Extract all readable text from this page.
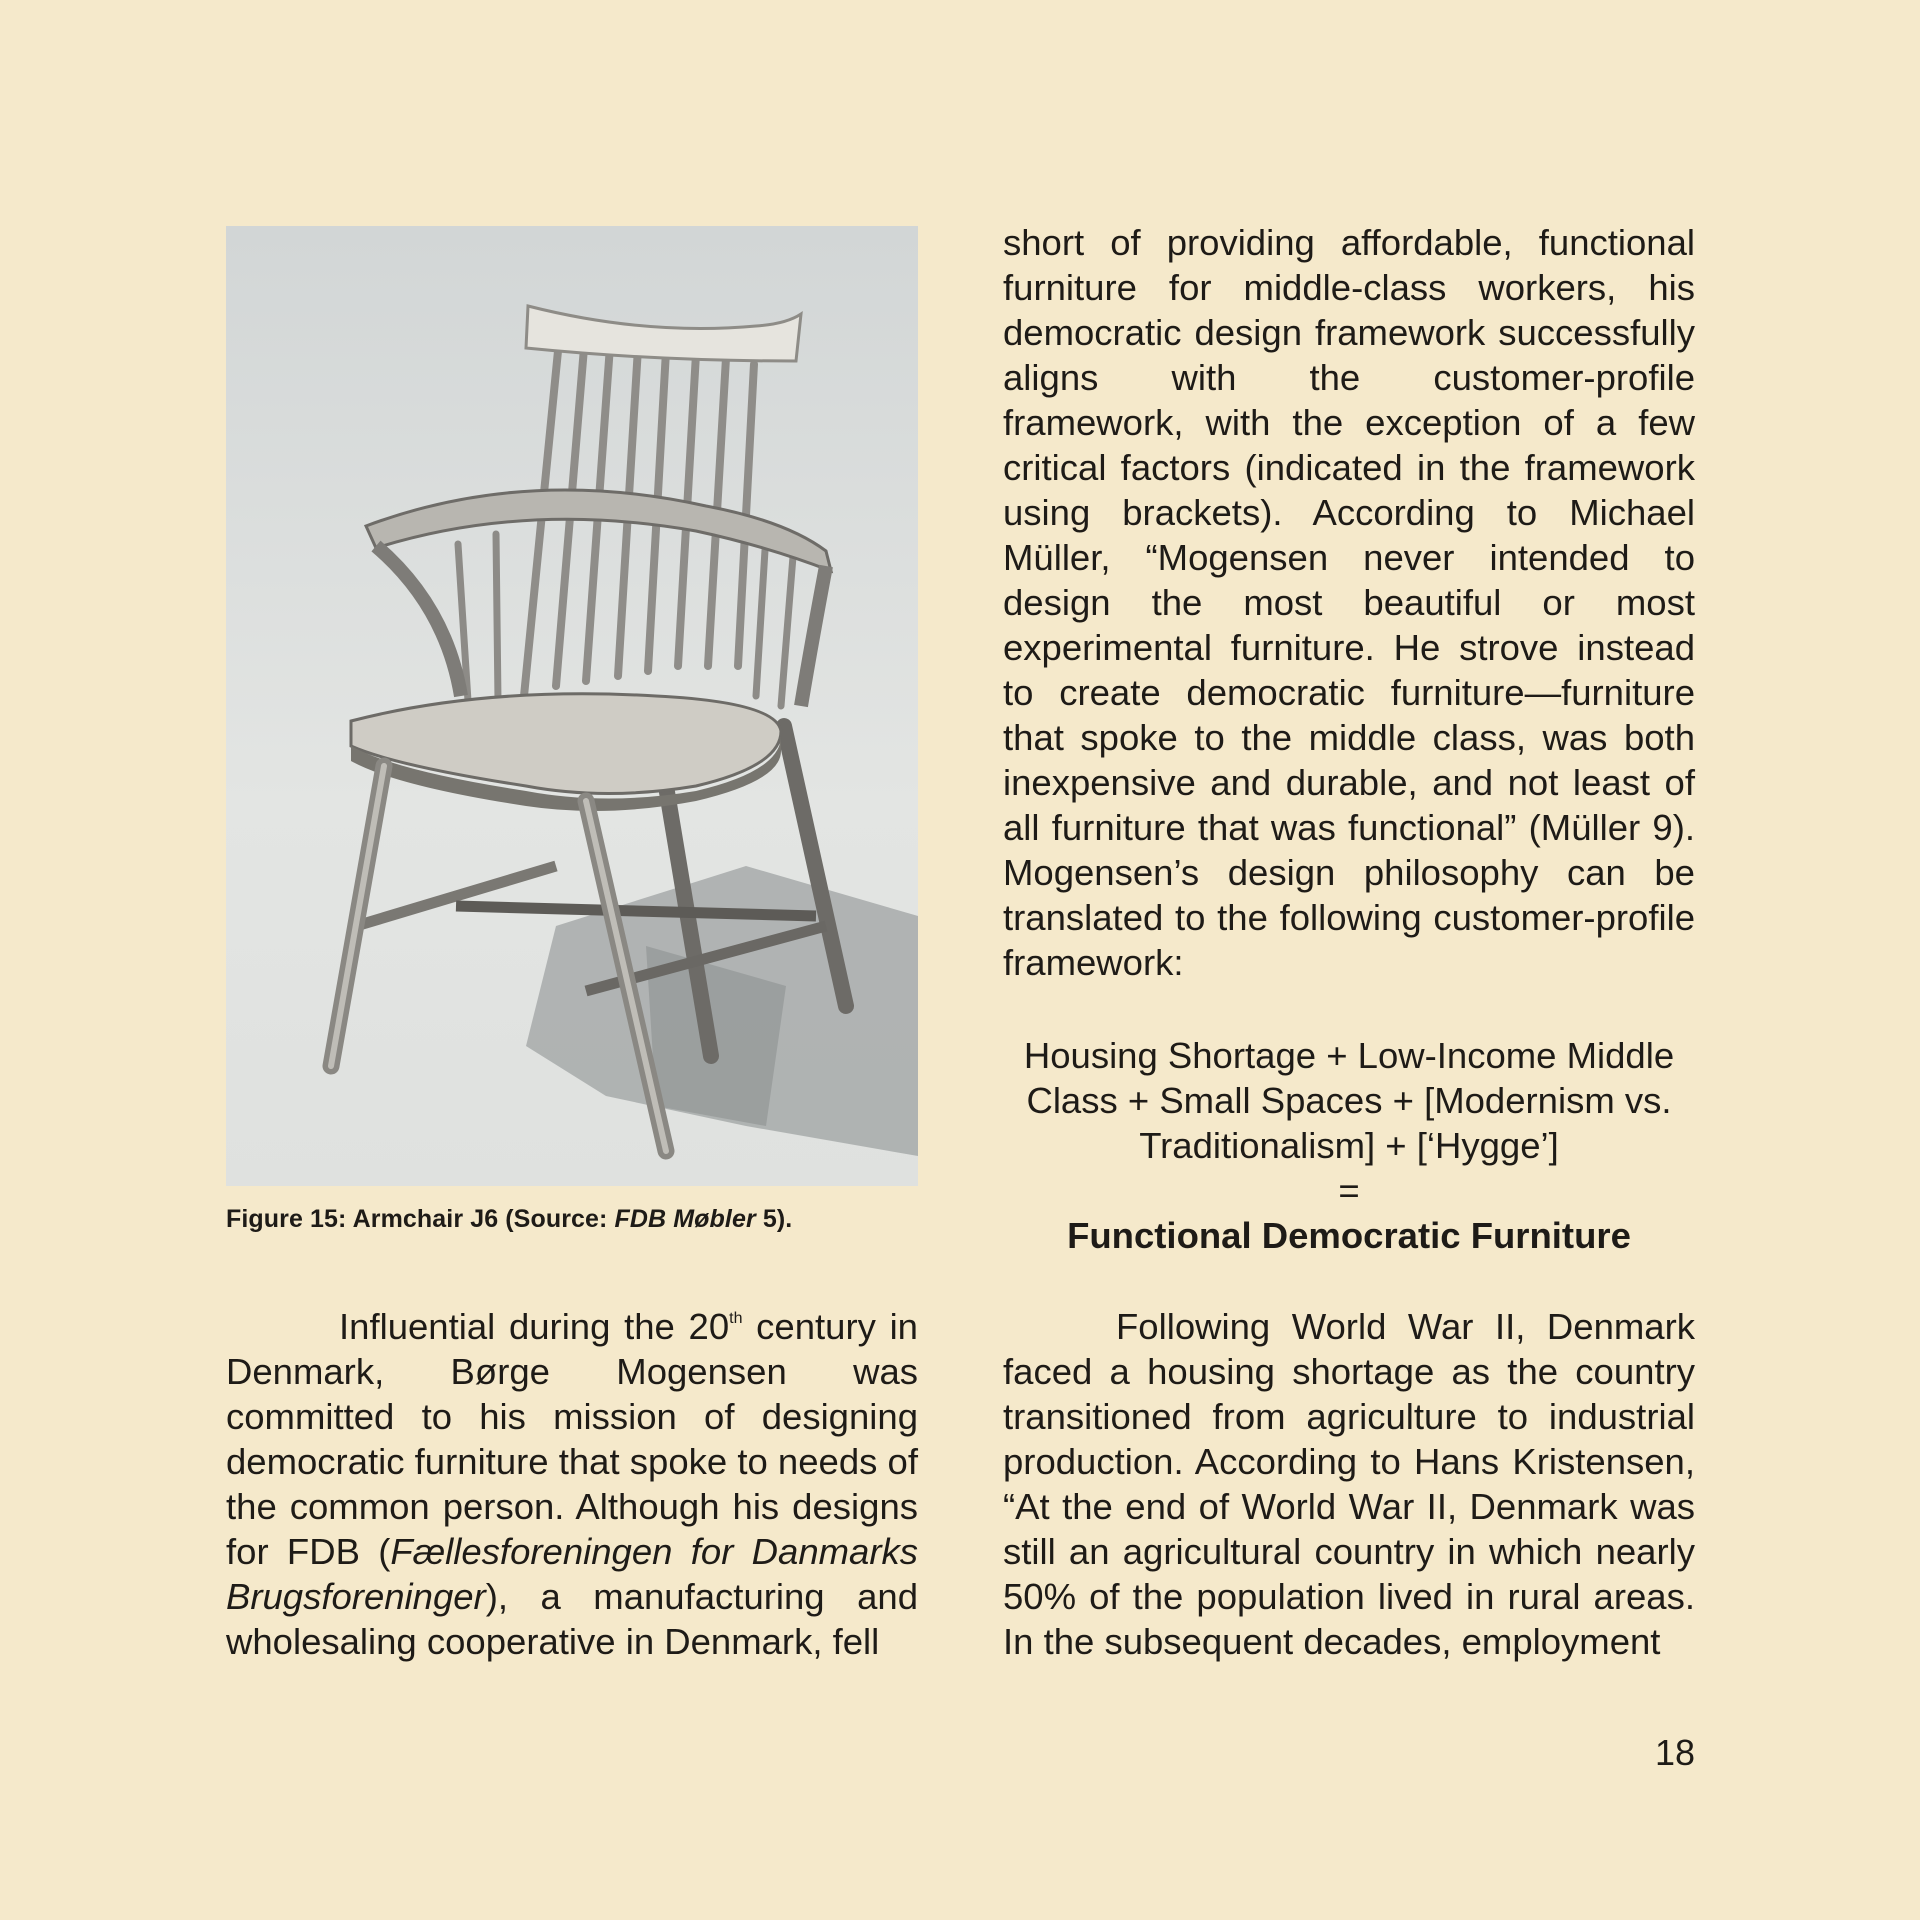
Figure 15: Armchair J6 (Source: FDB Møbler 5).

Influential during the 20th century in Denmark, Børge Mogensen was committed to his mission of designing democratic furniture that spoke to needs of the common person. Although his designs for FDB (Fællesforeningen for Danmarks Brugsforeninger), a manufacturing and wholesaling cooperative in Denmark, fell

short of providing affordable, functional furniture for middle-class workers, his democratic design framework successfully aligns with the customer-profile framework, with the exception of a few critical factors (indicated in the framework using brackets). According to Michael Müller, “Mogensen never intended to design the most beautiful or most experimental furniture. He strove instead to create democratic furniture—furniture that spoke to the middle class, was both inexpensive and durable, and not least of all furniture that was functional” (Müller 9). Mogensen’s design philosophy can be translated to the following customer-profile framework:

Housing Shortage + Low-Income Middle
Class + Small Spaces + [Modernism vs.
Traditionalism] + [‘Hygge’]
=
Functional Democratic Furniture

Following World War II, Denmark faced a housing shortage as the country transitioned from agriculture to industrial production. According to Hans Kristensen, “At the end of World War II, Denmark was still an agricultural country in which nearly 50% of the population lived in rural areas. In the subsequent decades, employment

18
